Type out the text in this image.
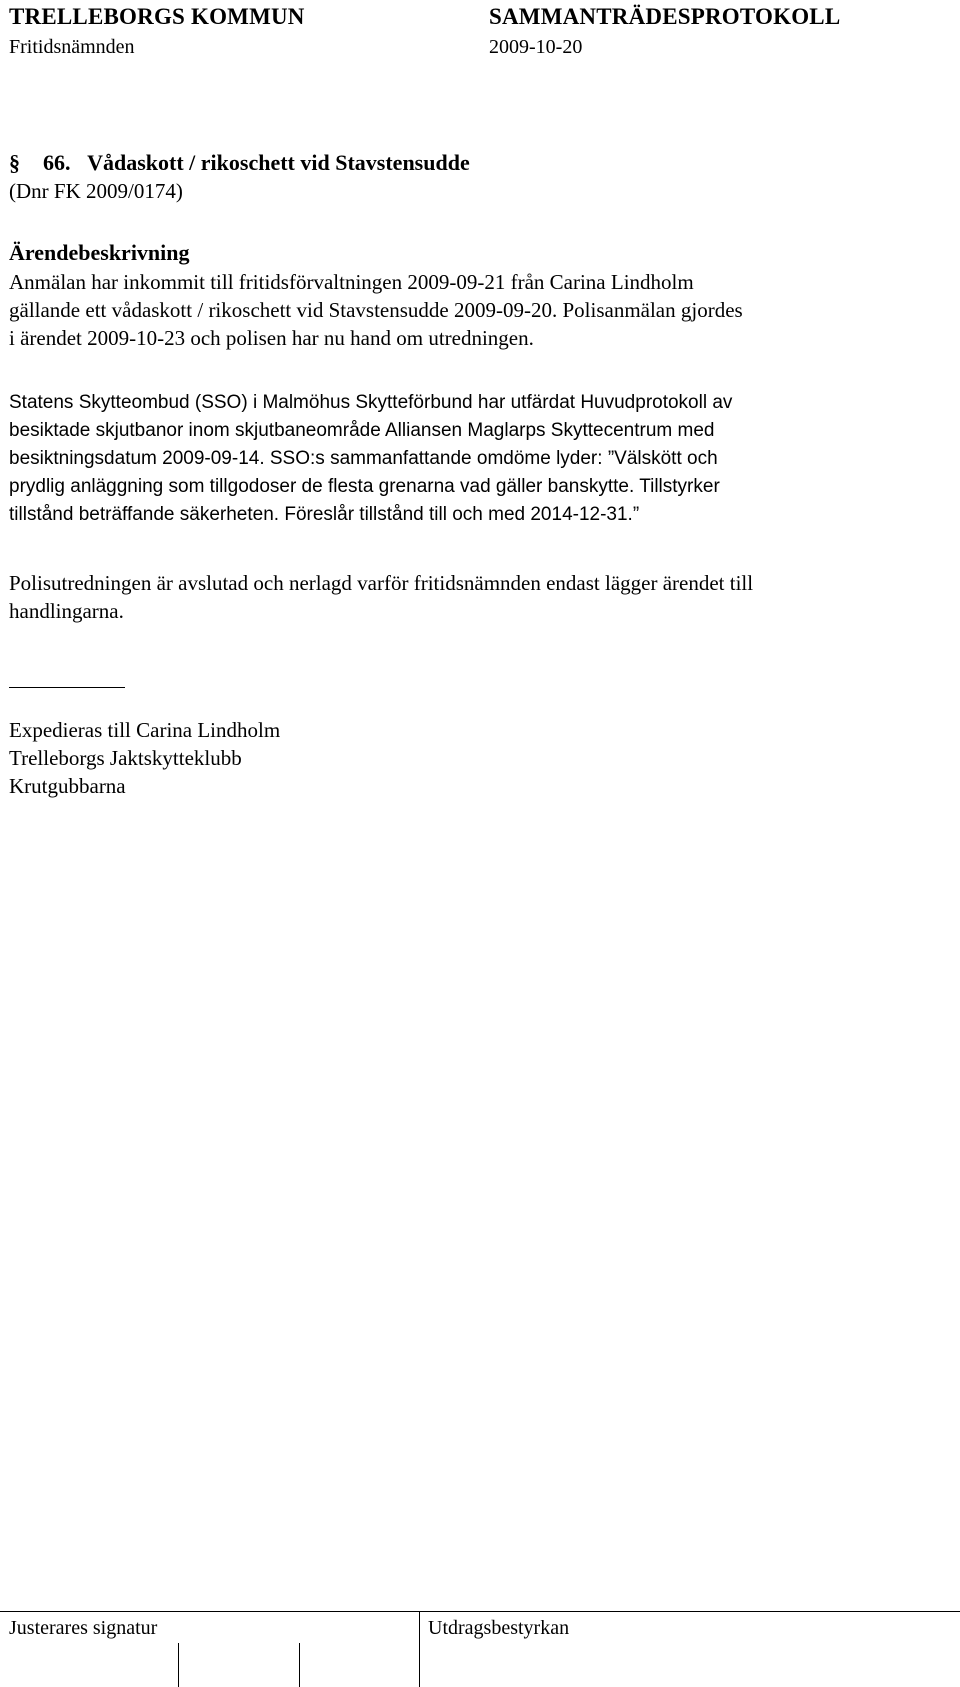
TRELLEBORGS KOMMUN	SAMMANTRÄDESPROTOKOLL
Fritidsnämnden	2009-10-20
§ 66. Vådaskott / rikoschett vid Stavstensudde
(Dnr FK 2009/0174)
Ärendebeskrivning
Anmälan har inkommit till fritidsförvaltningen 2009-09-21 från Carina Lindholm
gällande ett vådaskott / rikoschett vid Stavstensudde 2009-09-20. Polisanmälan gjordes
i ärendet 2009-10-23 och polisen har nu hand om utredningen.
Statens Skytteombud (SSO) i Malmöhus Skytteförbund har utfärdat Huvudprotokoll av
besiktade skjutbanor inom skjutbaneområde Alliansen Maglarps Skyttecentrum med
besiktningsdatum 2009-09-14. SSO:s sammanfattande omdöme lyder: ”Välskött och
prydlig anläggning som tillgodoser de flesta grenarna vad gäller banskytte. Tillstyrker
tillstånd beträffande säkerheten. Föreslår tillstånd till och med 2014-12-31.”
Polisutredningen är avslutad och nerlagd varför fritidsnämnden endast lägger ärendet till
handlingarna.
Expedieras till Carina Lindholm
Trelleborgs Jaktskytteklubb
Krutgubbarna
Justerares signatur	Utdragsbestyrkan
